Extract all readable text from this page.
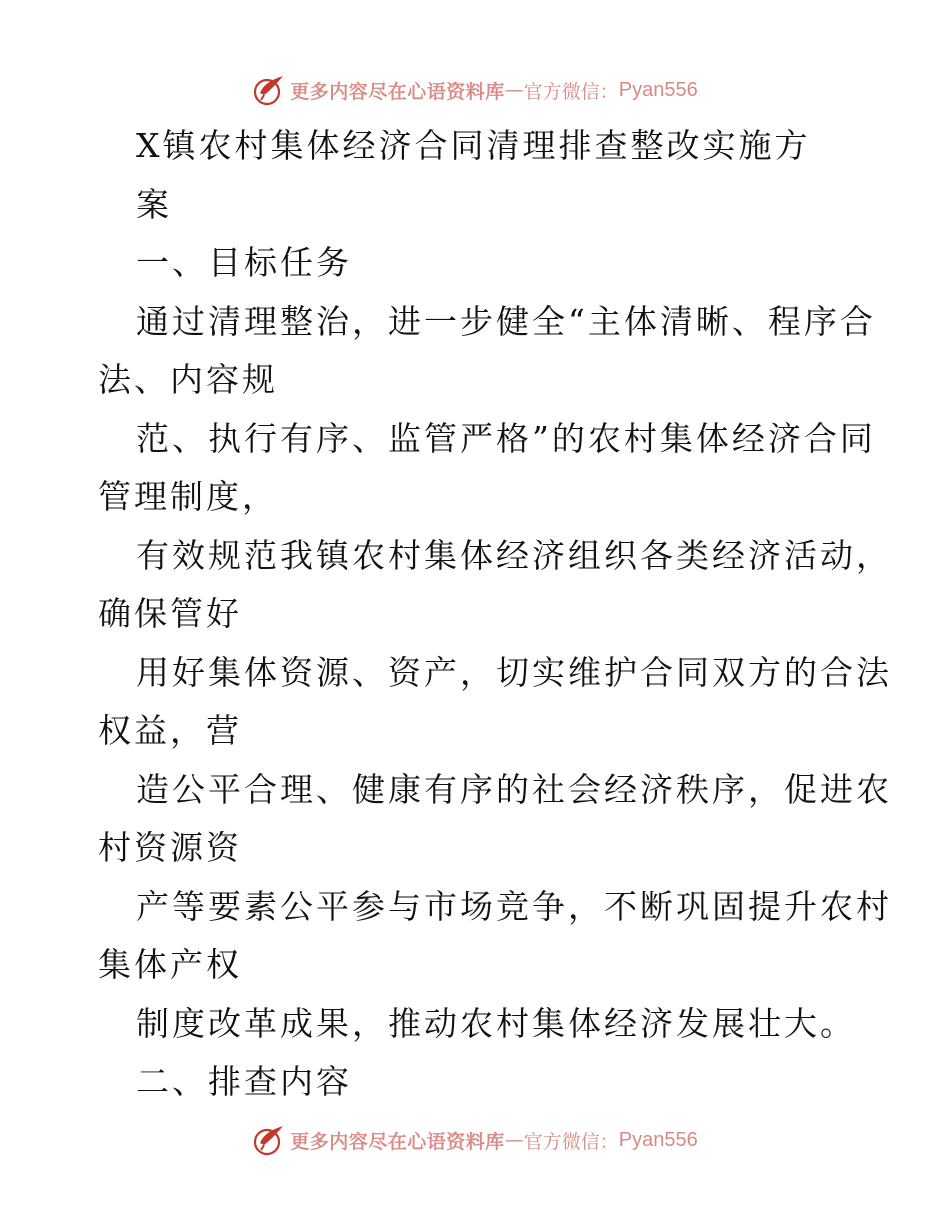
更多内容尽在心语资料库 — 官方微信： Pyan556
X镇农村集体经济合同清理排查整改实施方
案
一、目标任务
通过清理整治，进一步健全“主体清晰、程序合
法、内容规
范、执行有序、监管严格”的农村集体经济合同
管理制度，
有效规范我镇农村集体经济组织各类经济活动，
确保管好
用好集体资源、资产，切实维护合同双方的合法
权益，营
造公平合理、健康有序的社会经济秩序，促进农
村资源资
产等要素公平参与市场竞争，不断巩固提升农村
集体产权
制度改革成果，推动农村集体经济发展壮大。
二、排查内容
更多内容尽在心语资料库 — 官方微信： Pyan556
